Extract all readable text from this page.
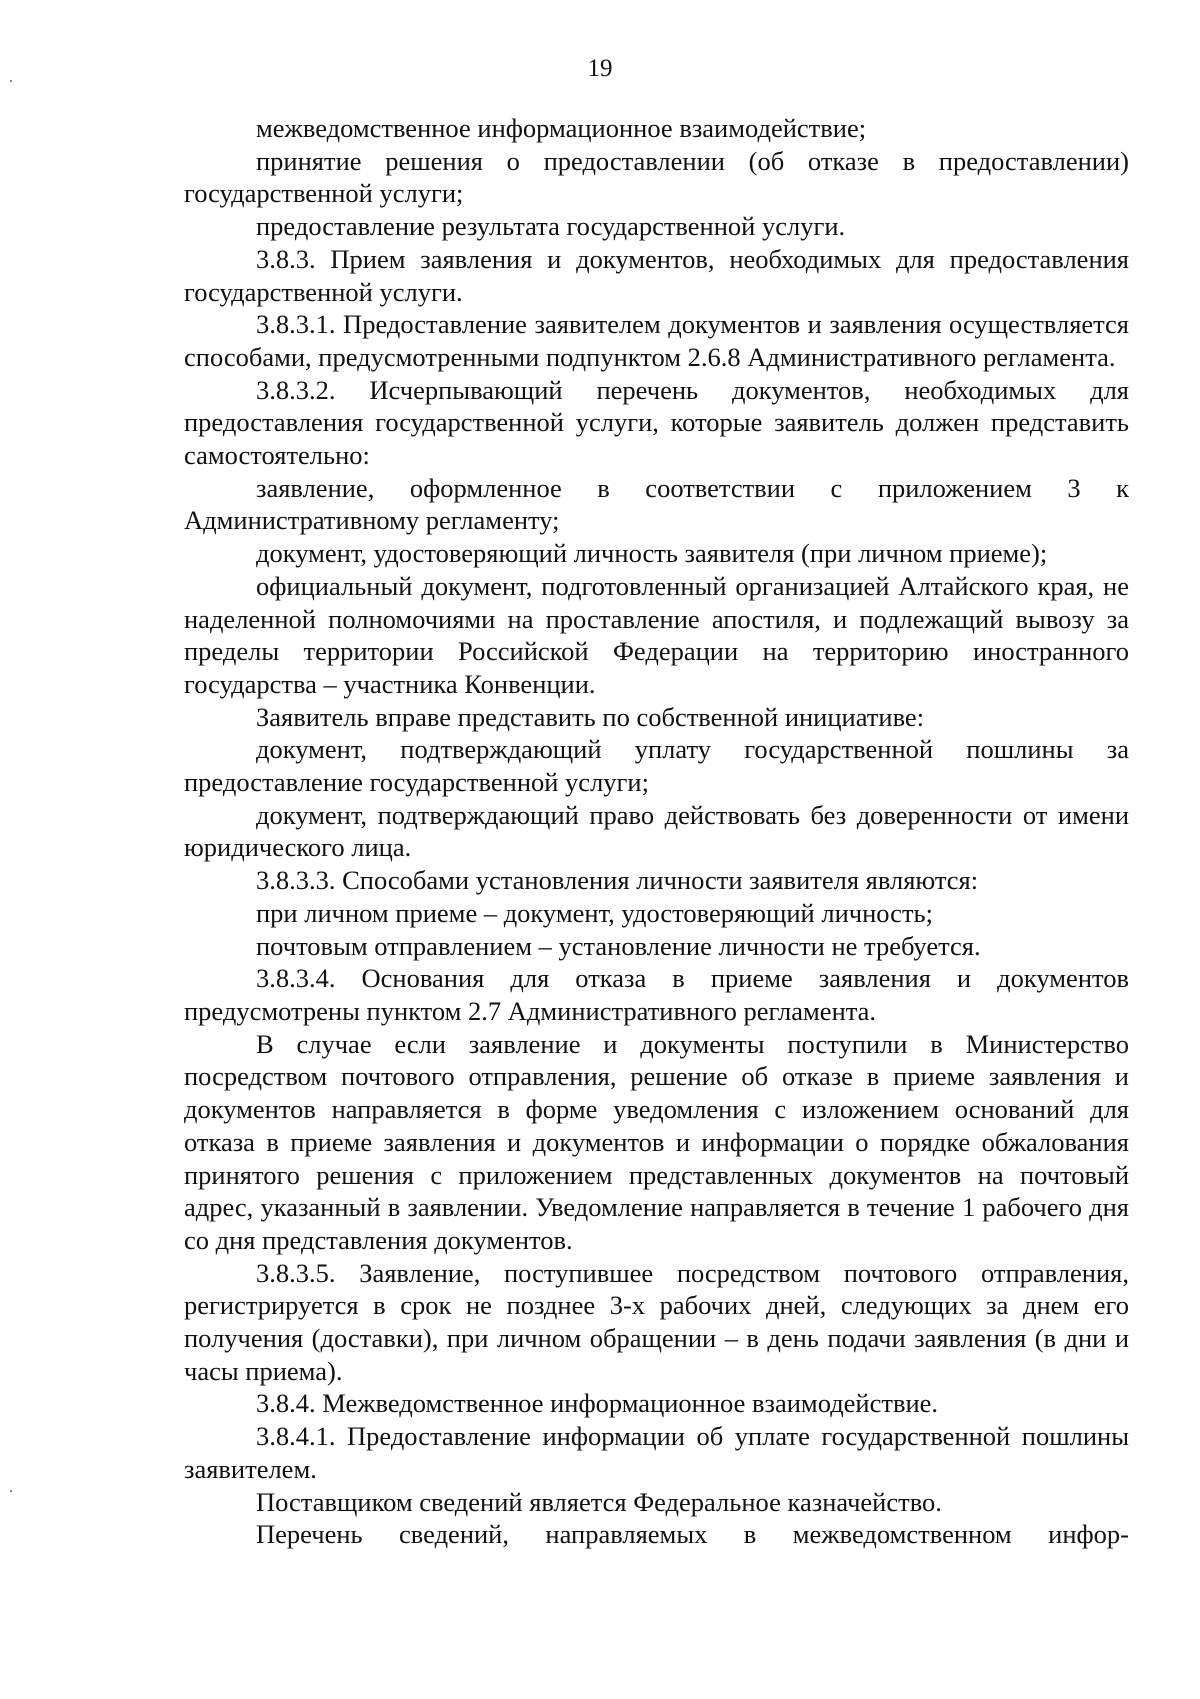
19

межведомственное информационное взаимодействие;

принятие решения о предоставлении (об отказе в предоставлении) государственной услуги;

предоставление результата государственной услуги.

3.8.3. Прием заявления и документов, необходимых для предоставления государственной услуги.

3.8.3.1. Предоставление заявителем документов и заявления осуществляется способами, предусмотренными подпунктом 2.6.8 Административного регламента.

3.8.3.2. Исчерпывающий перечень документов, необходимых для предоставления государственной услуги, которые заявитель должен представить самостоятельно:

заявление, оформленное в соответствии с приложением 3 к Административному регламенту;

документ, удостоверяющий личность заявителя (при личном приеме);

официальный документ, подготовленный организацией Алтайского края, не наделенной полномочиями на проставление апостиля, и подлежащий вывозу за пределы территории Российской Федерации на территорию иностранного государства – участника Конвенции.

Заявитель вправе представить по собственной инициативе:

документ, подтверждающий уплату государственной пошлины за предоставление государственной услуги;

документ, подтверждающий право действовать без доверенности от имени юридического лица.

3.8.3.3. Способами установления личности заявителя являются:

при личном приеме – документ, удостоверяющий личность;

почтовым отправлением – установление личности не требуется.

3.8.3.4. Основания для отказа в приеме заявления и документов предусмотрены пунктом 2.7 Административного регламента.

В случае если заявление и документы поступили в Министерство посредством почтового отправления, решение об отказе в приеме заявления и документов направляется в форме уведомления с изложением оснований для отказа в приеме заявления и документов и информации о порядке обжалования принятого решения с приложением представленных документов на почтовый адрес, указанный в заявлении. Уведомление направляется в течение 1 рабочего дня со дня представления документов.

3.8.3.5. Заявление, поступившее посредством почтового отправления, регистрируется в срок не позднее 3-х рабочих дней, следующих за днем его получения (доставки), при личном обращении – в день подачи заявления (в дни и часы приема).

3.8.4. Межведомственное информационное взаимодействие.

3.8.4.1. Предоставление информации об уплате государственной пошлины заявителем.

Поставщиком сведений является Федеральное казначейство.

Перечень сведений, направляемых в межведомственном инфор-
